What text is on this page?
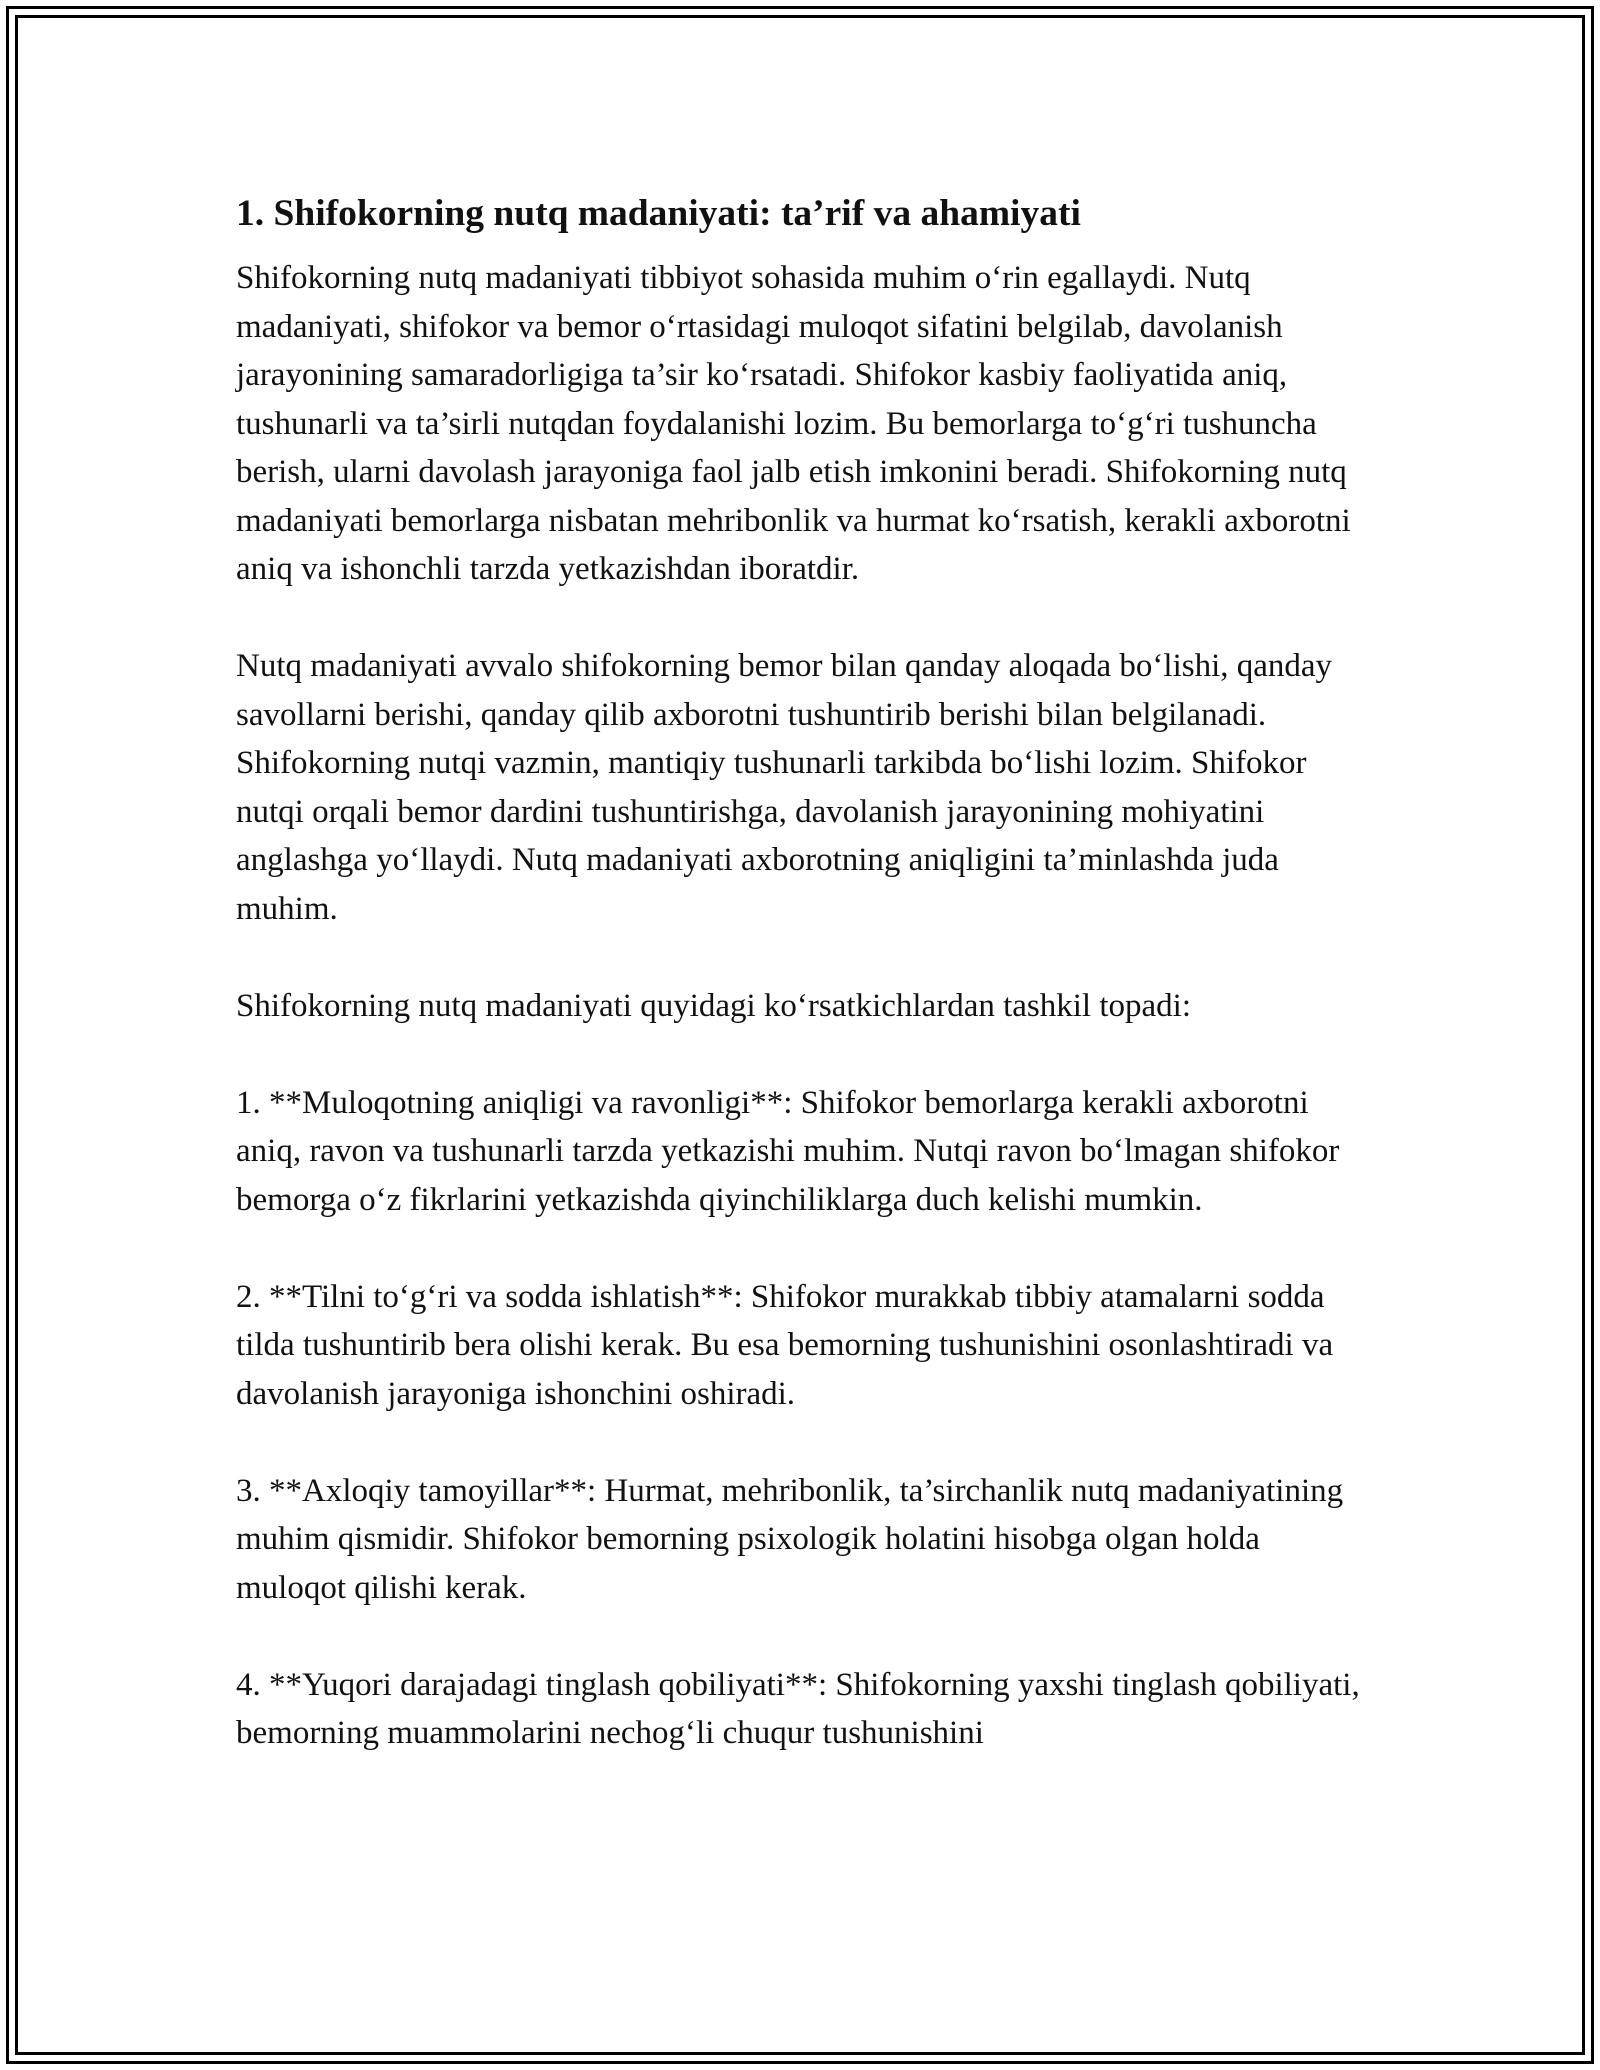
1. Shifokorning nutq madaniyati: ta’rif va ahamiyati

Shifokorning nutq madaniyati tibbiyot sohasida muhim o‘rin egallaydi. Nutq madaniyati, shifokor va bemor o‘rtasidagi muloqot sifatini belgilab, davolanish jarayonining samaradorligiga ta’sir ko‘rsatadi. Shifokor kasbiy faoliyatida aniq, tushunarli va ta’sirli nutqdan foydalanishi lozim. Bu bemorlarga to‘g‘ri tushuncha berish, ularni davolash jarayoniga faol jalb etish imkonini beradi. Shifokorning nutq madaniyati bemorlarga nisbatan mehribonlik va hurmat ko‘rsatish, kerakli axborotni aniq va ishonchli tarzda yetkazishdan iboratdir.

Nutq madaniyati avvalo shifokorning bemor bilan qanday aloqada bo‘lishi, qanday savollarni berishi, qanday qilib axborotni tushuntirib berishi bilan belgilanadi. Shifokorning nutqi vazmin, mantiqiy tushunarli tarkibda bo‘lishi lozim. Shifokor nutqi orqali bemor dardini tushuntirishga, davolanish jarayonining mohiyatini anglashga yo‘llaydi. Nutq madaniyati axborotning aniqligini ta’minlashda juda muhim.

Shifokorning nutq madaniyati quyidagi ko‘rsatkichlardan tashkil topadi:

1. **Muloqotning aniqligi va ravonligi**: Shifokor bemorlarga kerakli axborotni aniq, ravon va tushunarli tarzda yetkazishi muhim. Nutqi ravon bo‘lmagan shifokor bemorga o‘z fikrlarini yetkazishda qiyinchiliklarga duch kelishi mumkin.

2. **Tilni to‘g‘ri va sodda ishlatish**: Shifokor murakkab tibbiy atamalarni sodda tilda tushuntirib bera olishi kerak. Bu esa bemorning tushunishini osonlashtiradi va davolanish jarayoniga ishonchini oshiradi.

3. **Axloqiy tamoyillar**: Hurmat, mehribonlik, ta’sirchanlik nutq madaniyatining muhim qismidir. Shifokor bemorning psixologik holatini hisobga olgan holda muloqot qilishi kerak.

4. **Yuqori darajadagi tinglash qobiliyati**: Shifokorning yaxshi tinglash qobiliyati, bemorning muammolarini nechog‘li chuqur tushunishini
